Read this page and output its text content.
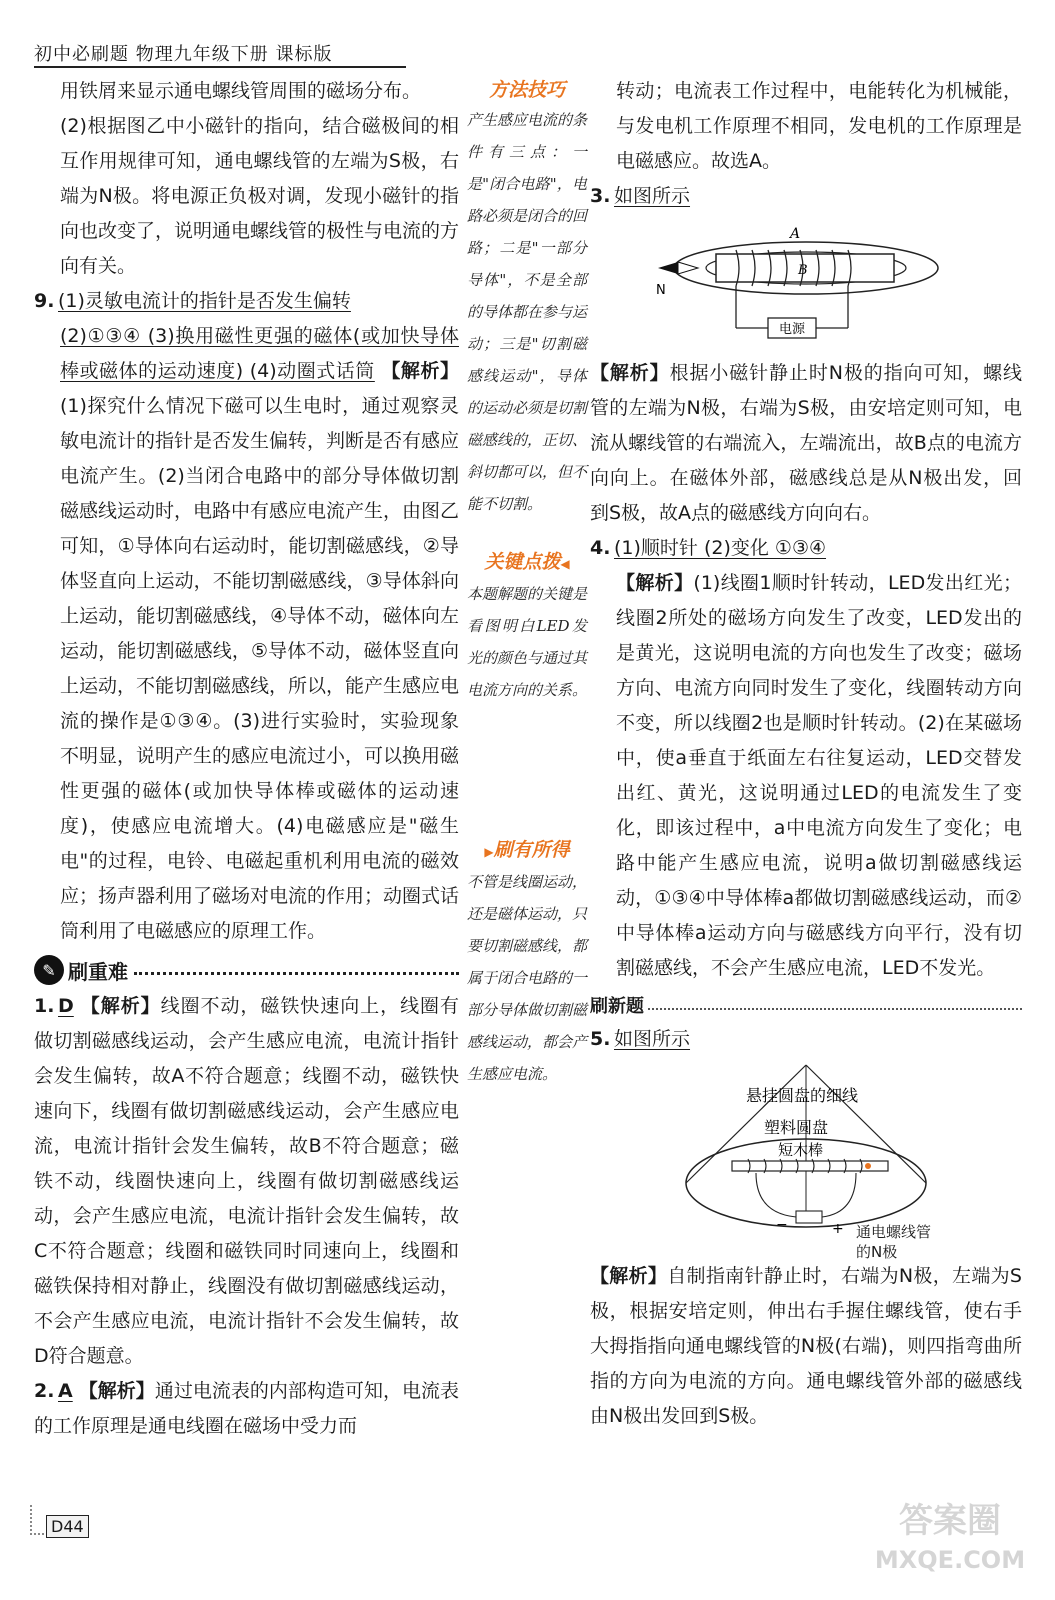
初中必刷题 物理九年级下册 课标版

用铁屑来显示通电螺线管周围的磁场分布。

(2)根据图乙中小磁针的指向，结合磁极间的相互作用规律可知，通电螺线管的左端为S极，右端为N极。将电源正负极对调，发现小磁针的指向也改变了，说明通电螺线管的极性与电流的方向有关。

9. (1)灵敏电流计的指针是否发生偏转

(2)①③④ (3)换用磁性更强的磁体(或加快导体棒或磁体的运动速度) (4)动圈式话筒 【解析】(1)探究什么情况下磁可以生电时，通过观察灵敏电流计的指针是否发生偏转，判断是否有感应电流产生。(2)当闭合电路中的部分导体做切割磁感线运动时，电路中有感应电流产生，由图乙可知，①导体向右运动时，能切割磁感线，②导体竖直向上运动，不能切割磁感线，③导体斜向上运动，能切割磁感线，④导体不动，磁体向左运动，能切割磁感线，⑤导体不动，磁体竖直向上运动，不能切割磁感线，所以，能产生感应电流的操作是①③④。(3)进行实验时，实验现象不明显，说明产生的感应电流过小，可以换用磁性更强的磁体(或加快导体棒或磁体的运动速度)，使感应电流增大。(4)电磁感应是"磁生电"的过程，电铃、电磁起重机利用电流的磁效应；扬声器利用了磁场对电流的作用；动圈式话筒利用了电磁感应的原理工作。

✎ 刷重难

1. D 【解析】线圈不动，磁铁快速向上，线圈有做切割磁感线运动，会产生感应电流，电流计指针会发生偏转，故A不符合题意；线圈不动，磁铁快速向下，线圈有做切割磁感线运动，会产生感应电流，电流计指针会发生偏转，故B不符合题意；磁铁不动，线圈快速向上，线圈有做切割磁感线运动，会产生感应电流，电流计指针会发生偏转，故C不符合题意；线圈和磁铁同时同速向上，线圈和磁铁保持相对静止，线圈没有做切割磁感线运动，不会产生感应电流，电流计指针不会发生偏转，故D符合题意。

2. A 【解析】通过电流表的内部构造可知，电流表的工作原理是通电线圈在磁场中受力而

方法技巧
产生感应电流的条件有三点：一是"闭合电路"，电路必须是闭合的回路；二是"一部分导体"，不是全部的导体都在参与运动；三是"切割磁感线运动"，导体的运动必须是切割磁感线的，正切、斜切都可以，但不能不切割。
关键点拨◀
本题解题的关键是看图明白LED发光的颜色与通过其电流方向的关系。
▶刷有所得
不管是线圈运动，还是磁体运动，只要切割磁感线，都属于闭合电路的一部分导体做切割磁感线运动，都会产生感应电流。

转动；电流表工作过程中，电能转化为机械能，与发电机工作原理不相同，发电机的工作原理是电磁感应。故选A。

3. 如图所示

电源
A
B
N

【解析】根据小磁针静止时N极的指向可知，螺线管的左端为N极，右端为S极，由安培定则可知，电流从螺线管的右端流入，左端流出，故B点的电流方向向上。在磁体外部，磁感线总是从N极出发，回到S极，故A点的磁感线方向向右。

4. (1)顺时针 (2)变化 ①③④

【解析】(1)线圈1顺时针转动，LED发出红光；线圈2所处的磁场方向发生了改变，LED发出的是黄光，这说明电流的方向也发生了改变；磁场方向、电流方向同时发生了变化，线圈转动方向不变，所以线圈2也是顺时针转动。(2)在某磁场中，使a垂直于纸面左右往复运动，LED交替发出红、黄光，这说明通过LED的电流发生了变化，即该过程中，a中电流方向发生了变化；电路中能产生感应电流，说明a做切割磁感线运动，①③④中导体棒a都做切割磁感线运动，而②中导体棒a运动方向与磁感线方向平行，没有切割磁感线，不会产生感应电流，LED不发光。

刷新题

5. 如图所示

−	+
悬挂圆盘的细线
塑料圆盘
短木棒
通电螺线管的N极

【解析】自制指南针静止时，右端为N极，左端为S极，根据安培定则，伸出右手握住螺线管，使右手大拇指指向通电螺线管的N极(右端)，则四指弯曲所指的方向为电流的方向。通电螺线管外部的磁感线由N极出发回到S极。

D44	答案圈
MXQE.COM
